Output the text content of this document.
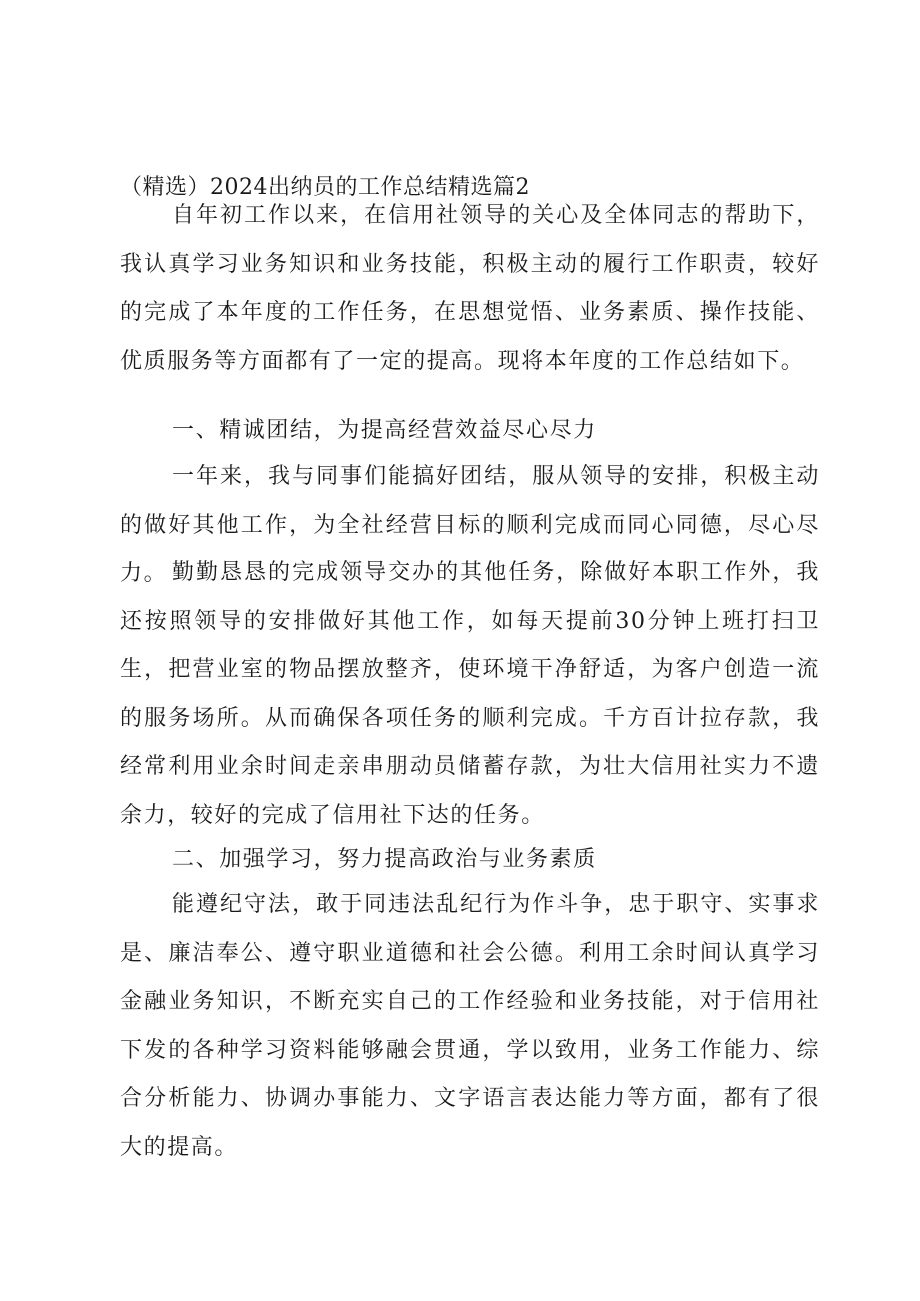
（精选）2024出纳员的工作总结精选篇2

自年初工作以来，在信用社领导的关心及全体同志的帮助下，我认真学习业务知识和业务技能，积极主动的履行工作职责，较好的完成了本年度的工作任务，在思想觉悟、业务素质、操作技能、优质服务等方面都有了一定的提高。现将本年度的工作总结如下。

一、精诚团结，为提高经营效益尽心尽力

一年来，我与同事们能搞好团结，服从领导的安排，积极主动的做好其他工作，为全社经营目标的顺利完成而同心同德，尽心尽力。 勤勤恳恳的完成领导交办的其他任务，除做好本职工作外，我还按照领导的安排做好其他工作，如每天提前30分钟上班打扫卫生，把营业室的物品摆放整齐，使环境干净舒适，为客户创造一流的服务场所。从而确保各项任务的顺利完成。千方百计拉存款，我经常利用业余时间走亲串朋动员储蓄存款，为壮大信用社实力不遗余力，较好的完成了信用社下达的任务。

二、加强学习，努力提高政治与业务素质

能遵纪守法，敢于同违法乱纪行为作斗争，忠于职守、实事求是、廉洁奉公、遵守职业道德和社会公德。利用工余时间认真学习金融业务知识，不断充实自己的工作经验和业务技能，对于信用社下发的各种学习资料能够融会贯通，学以致用，业务工作能力、综合分析能力、协调办事能力、文字语言表达能力等方面，都有了很大的提高。
